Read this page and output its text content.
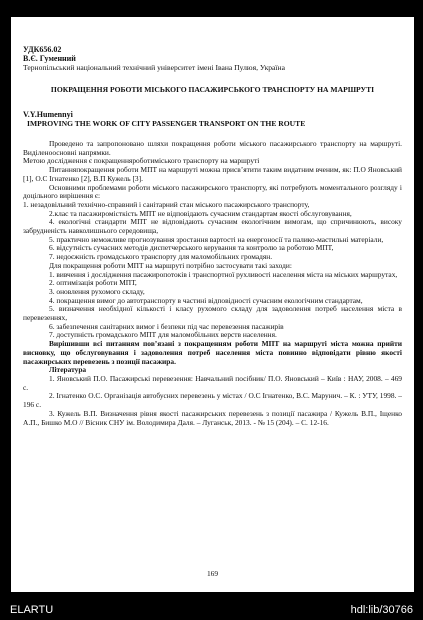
УДК656.02
В.Є. Гуменний
Тернопільський національний технічний університет імені Івана Пулюя, Україна
ПОКРАЩЕННЯ РОБОТИ МІСЬКОГО ПАСАЖИРСЬКОГО ТРАНСПОРТУ НА МАРШРУТІ
V.Y.Humennyi
IMPROVING THE WORK OF CITY PASSENGER TRANSPORT ON THE ROUTE

Проведено та запропоновано шляхи покращення роботи міського пасажирського транспорту на маршруті. Виділеноосновні напрямки.

Метою дослідження є покращенняроботиміського транспорту на маршруті

Питанняпокращення роботи МПТ на маршруті можна присв’ятити таким видатним вченим, як: П.О Яновський [1], О.С Ігнатенко [2], В.П Кужель [3].

Основними проблемами роботи міського пасажирського транспорту, які потребують моментального розгляду і доцільного вирішення є:

1. незадовільний технічно-справний і санітарний стан міського пасажирського транспорту,

2.клас та пасажиромісткість МПТ не відповідають сучасним стандартам якості обслуговування,

4. екологічні стандарти МПТ не відповідають сучасним екологічним вимогам, що спричинюють, високу забрудненість навколишнього середовища,

5. практично неможливе прогнозування зростання вартості на енергоносії та палико-мастильні матеріали,

6. відсутність сучасних методів диспетчерського керування та контролю за роботою МПТ,

7. недоєжність громадського транспорту для маломобільних громадян.

Для покращення роботи МПТ на маршруті потрібно застосувати такі заходи:

1. вивчення і дослідження пасажиропотоків і транспортної рухливості населення міста на міських маршрутах,

2. оптимізація роботи МПТ,

3. оновлення рухомого складу,

4. покращення вимог до автотранспорту в частині відповідності сучасним екологічним стандартам,

5. визначення необхідної кількості і класу рухомого складу для задоволення потреб населення міста в перевезеннях,

6. забезпечення санітарних вимог і безпеки під час перевезення пасажирів

7. доступність громадського МПТ для маломобільних верств населення.

Вирішивши всі питанням пов’язані з покращенням роботи МПТ на маршруті міста можна прийти висновку, що обслуговування і задоволення потреб населення міста повинно відповідати рівню якості пасажирських перевезень з позиції пасажира.

Література

1. Яновський П.О. Пасажирські перевезення: Навчальний посібник/ П.О. Яновський – Київ : НАУ, 2008. – 469 с.

2. Ігнатенко О.С. Організація автобусних перевезень у містах / О.С Ігнатенко, В.С. Марунич. – К. : УТУ, 1998. – 196 с.

3. Кужель В.П. Визначення рівня якості пасажирських перевезень з позиції пасажира / Кужель В.П., Іщенко А.П., Бишко М.О // Вісник СНУ ім. Володимира Даля. – Луганськ, 2013. - № 15 (204). – С. 12-16.

169
ELARTU	hdl:lib/30766
